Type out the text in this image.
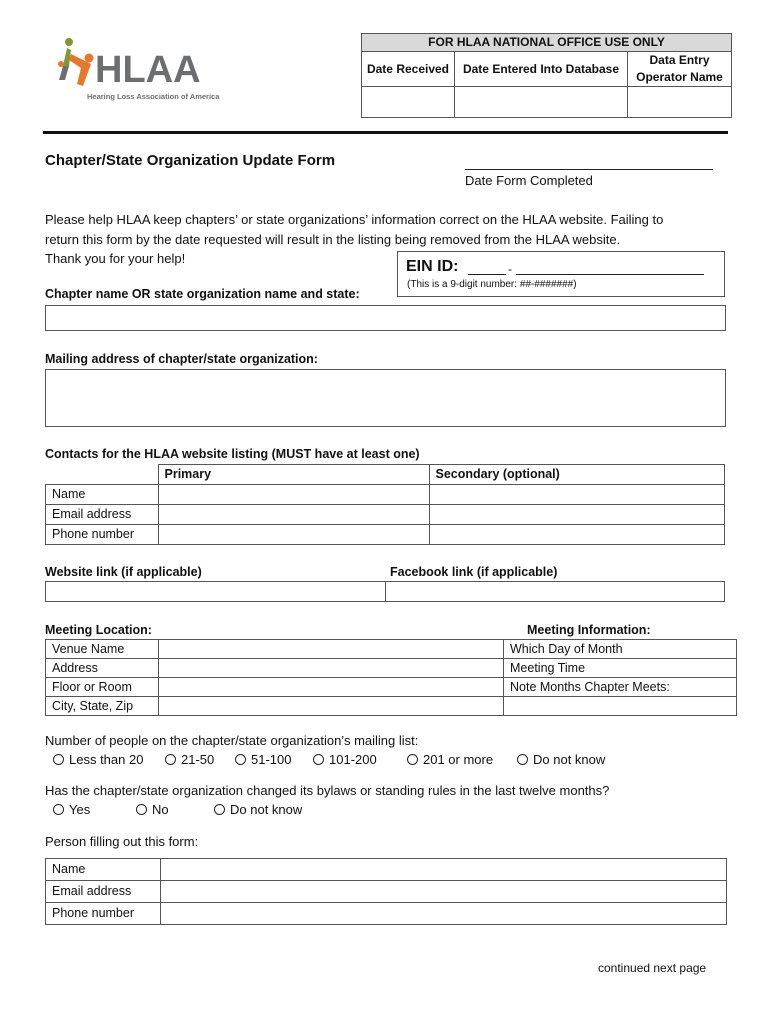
HLAA
Hearing Loss Association of America
FOR HLAA NATIONAL OFFICE USE ONLY		
Date Received	Date Entered Into Database	Data Entry Operator Name

Chapter/State Organization Update Form
Date Form Completed
Please help HLAA keep chapters’ or state organizations’ information correct on the HLAA website. Failing to
return this form by the date requested will result in the listing being removed from the HLAA website.
Thank you for your help!	EIN ID:	-
(This is a 9-digit number: ##-#######)
Chapter name OR state organization name and state:
Mailing address of chapter/state organization:
Contacts for the HLAA website listing (MUST have at least one)
	Primary	Secondary (optional)
Name		
Email address		
Phone number		
Website link (if applicable)	Facebook link (if applicable)

Meeting Location:	Meeting Information:
Venue Name		Which Day of Month
Address		Meeting Time
Floor or Room		Note Months Chapter Meets:
City, State, Zip		
Number of people on the chapter/state organization’s mailing list:
Less than 20	21-50	51-100	101-200	201 or more	Do not know
Has the chapter/state organization changed its bylaws or standing rules in the last twelve months?
Yes	No	Do not know
Person filling out this form:
Name	
Email address	
Phone number	
continued next page
